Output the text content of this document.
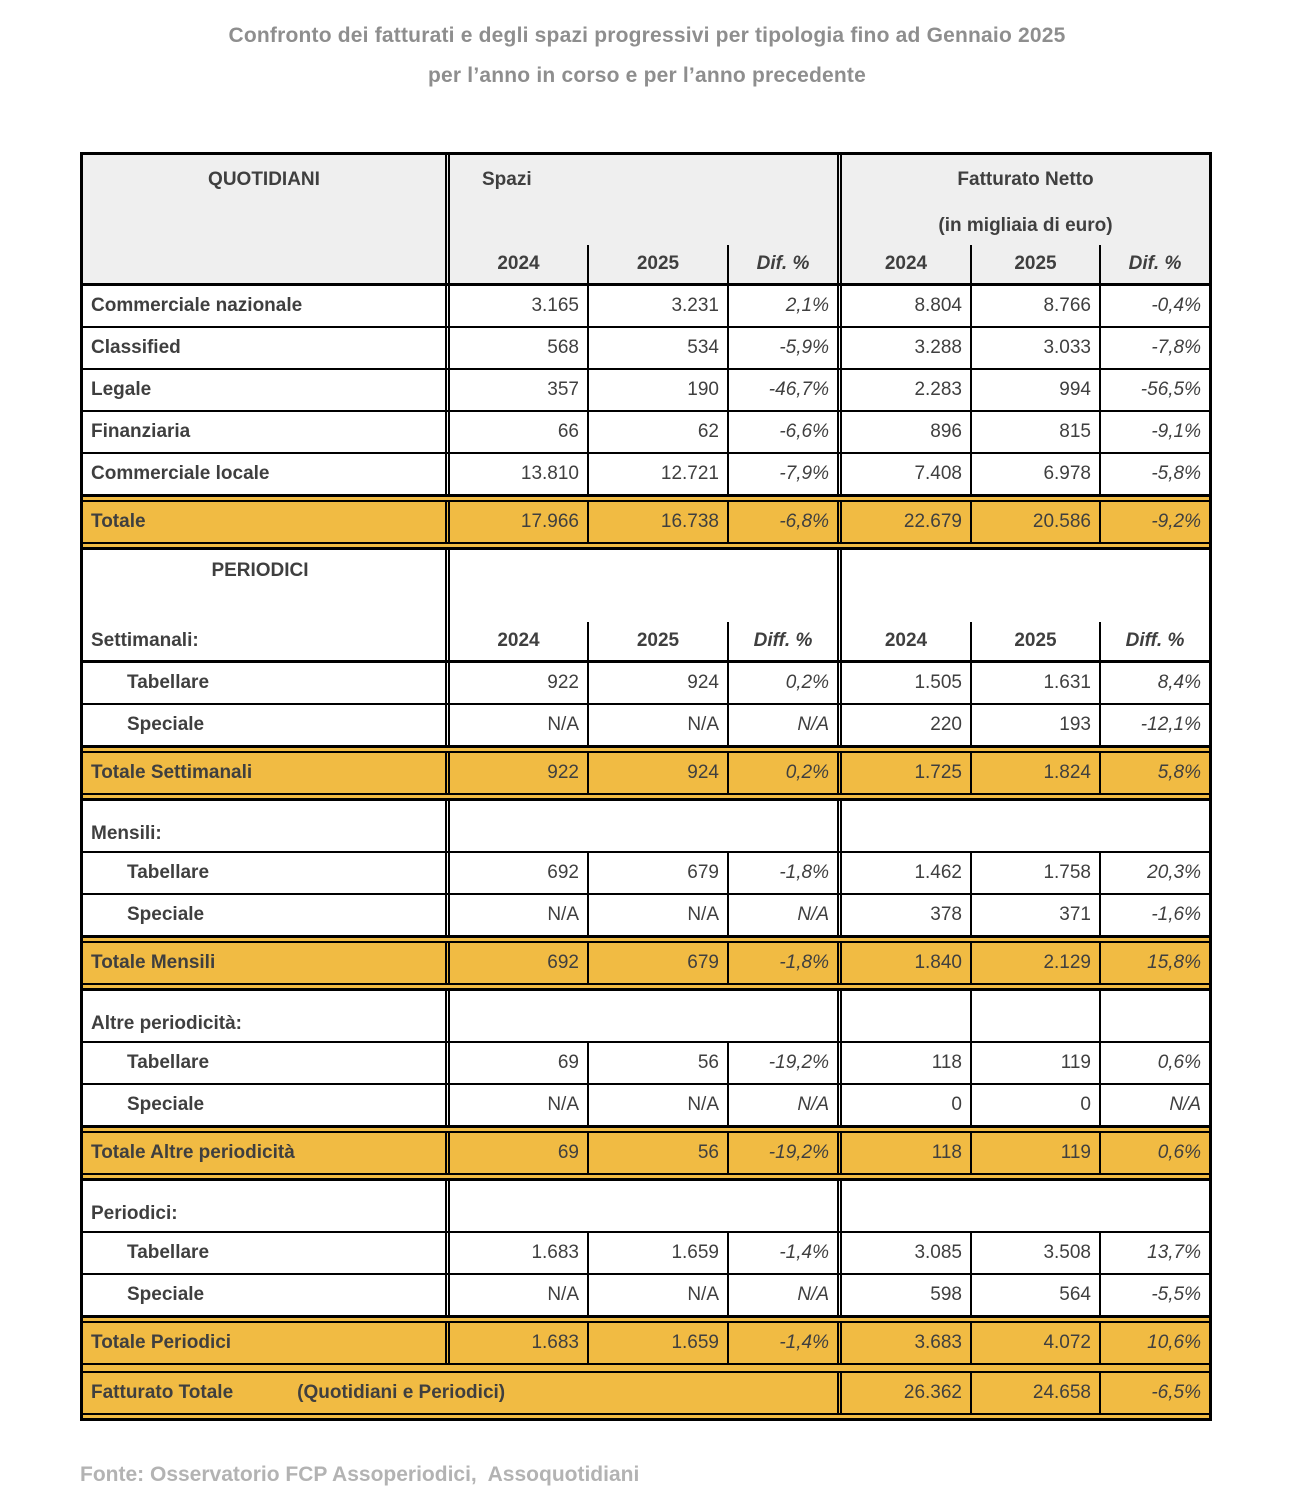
Confronto dei fatturati e degli spazi progressivi per tipologia fino ad Gennaio 2025
per l’anno in corso e per l’anno precedente
QUOTIDIANI	Spazi
2024	2025	Dif. %
Fatturato Netto
(in migliaia di euro)
2024	2025	Dif. %
Commerciale nazionale	3.165	3.231	2,1%	8.804	8.766	-0,4%
Classified	568	534	-5,9%	3.288	3.033	-7,8%
Legale	357	190	-46,7%	2.283	994	-56,5%
Finanziaria	66	62	-6,6%	896	815	-9,1%
Commerciale locale	13.810	12.721	-7,9%	7.408	6.978	-5,8%
Totale	17.966	16.738	-6,8%	22.679	20.586	-9,2%
PERIODICI
Settimanali:	2024	2025	Diff. %	2024	2025	Diff. %
Tabellare	922	924	0,2%	1.505	1.631	8,4%
Speciale	N/A	N/A	N/A	220	193	-12,1%
Totale Settimanali	922	924	0,2%	1.725	1.824	5,8%
Mensili:
Tabellare	692	679	-1,8%	1.462	1.758	20,3%
Speciale	N/A	N/A	N/A	378	371	-1,6%
Totale Mensili	692	679	-1,8%	1.840	2.129	15,8%
Altre periodicità:
Tabellare	69	56	-19,2%	118	119	0,6%
Speciale	N/A	N/A	N/A	0	0	N/A
Totale Altre periodicità	69	56	-19,2%	118	119	0,6%
Periodici:
Tabellare	1.683	1.659	-1,4%	3.085	3.508	13,7%
Speciale	N/A	N/A	N/A	598	564	-5,5%
Totale Periodici	1.683	1.659	-1,4%	3.683	4.072	10,6%
Fatturato Totale	(Quotidiani e Periodici)	26.362	24.658	-6,5%
Fonte: Osservatorio FCP Assoperiodici,  Assoquotidiani
